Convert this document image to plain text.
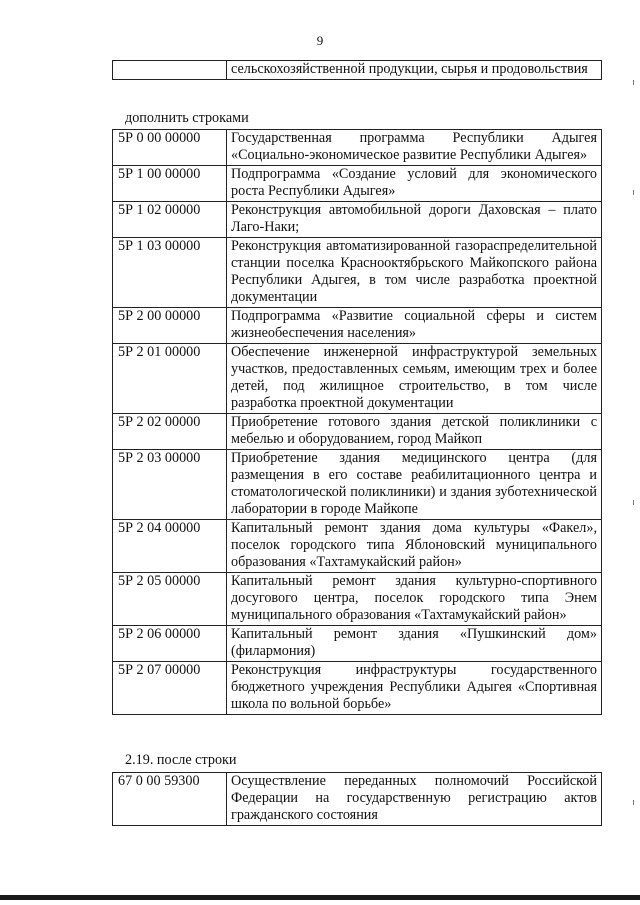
9
	сельскохозяйственной продукции, сырья и продовольствия
дополнить строками
5Р 0 00 00000	Государственная программа Республики Адыгея «Социально-экономическое развитие Республики Адыгея»
5Р 1 00 00000	Подпрограмма «Создание условий для экономического роста Республики Адыгея»
5Р 1 02 00000	Реконструкция автомобильной дороги Даховская – плато Лаго-Наки;
5Р 1 03 00000	Реконструкция автоматизированной газораспределительной станции поселка Краснооктябрьского Майкопского района Республики Адыгея, в том числе разработка проектной документации
5Р 2 00 00000	Подпрограмма «Развитие социальной сферы и систем жизнеобеспечения населения»
5Р 2 01 00000	Обеспечение инженерной инфраструктурой земельных участков, предоставленных семьям, имеющим трех и более детей, под жилищное строительство, в том числе разработка проектной документации
5Р 2 02 00000	Приобретение готового здания детской поликлиники с мебелью и оборудованием, город Майкоп
5Р 2 03 00000	Приобретение здания медицинского центра (для размещения в его составе реабилитационного центра и стоматологической поликлиники) и здания зуботехнической лаборатории в городе Майкопе
5Р 2 04 00000	Капитальный ремонт здания дома культуры «Факел», поселок городского типа Яблоновский муниципального образования «Тахтамукайский район»
5Р 2 05 00000	Капитальный ремонт здания культурно-спортивного досугового центра, поселок городского типа Энем муниципального образования «Тахтамукайский район»
5Р 2 06 00000	Капитальный ремонт здания «Пушкинский дом» (филармония)
5Р 2 07 00000	Реконструкция инфраструктуры государственного бюджетного учреждения Республики Адыгея «Спортивная школа по вольной борьбе»
2.19. после строки
67 0 00 59300	Осуществление переданных полномочий Российской Федерации на государственную регистрацию актов гражданского состояния
